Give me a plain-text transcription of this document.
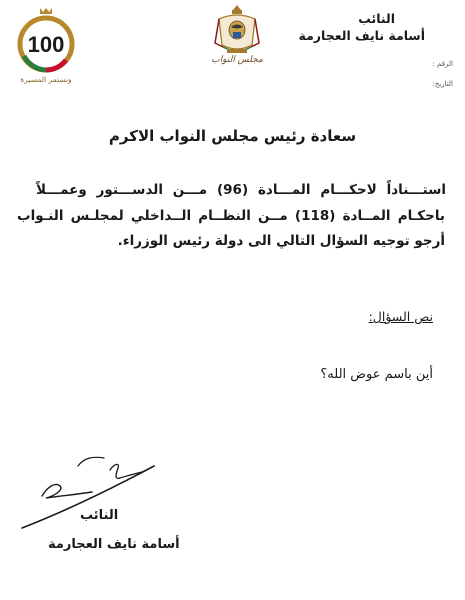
النائب
أسامة نايف العجارمة
الرقم :
التاريخ:
مجلس النواب
100
ونستمر المسيرة
سعادة رئيس مجلس النواب الاكرم
استـــناداً لاحكـــام المـــادة (96) مـــن الدســـتور وعمـــلاً
باحكـام المــادة (118) مــن النظــام الــداخلي لمجلـس النـواب
أرجو توجيه السؤال التالي الى دولة رئيس الوزراء.
نص السؤال:
أين باسم عوض الله؟
النائب
أسامة نايف العجارمة
